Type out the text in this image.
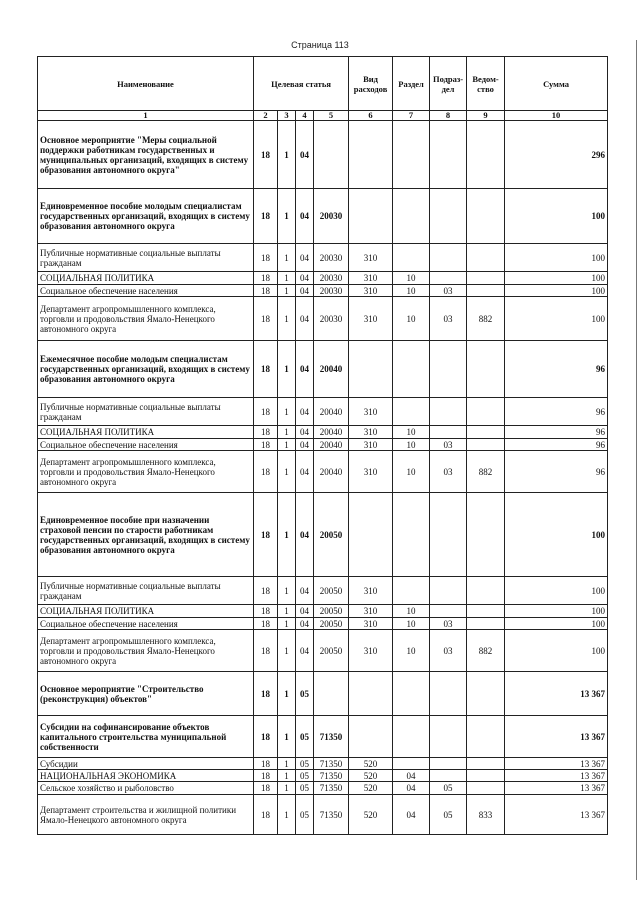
Страница 113
Наименование	Целевая статья				Вид расходов	Раздел	Подраз-дел	Ведом-ство	Сумма
1	2	3	4	5	6	7	8	9	10
Основное мероприятие "Меры социальной поддержки работникам государственных и муниципальных организаций, входящих в систему образования автономного округа"	18	1	04						296
Единовременное пособие молодым специалистам государственных организаций, входящих в систему образования автономного округа	18	1	04	20030					100
Публичные нормативные социальные выплаты гражданам	18	1	04	20030	310				100
СОЦИАЛЬНАЯ ПОЛИТИКА	18	1	04	20030	310	10			100
Социальное обеспечение населения	18	1	04	20030	310	10	03		100
Департамент агропромышленного комплекса, торговли и продовольствия Ямало-Ненецкого автономного округа	18	1	04	20030	310	10	03	882	100
Ежемесячное пособие молодым специалистам государственных организаций, входящих в систему образования автономного округа	18	1	04	20040					96
Публичные нормативные социальные выплаты гражданам	18	1	04	20040	310				96
СОЦИАЛЬНАЯ ПОЛИТИКА	18	1	04	20040	310	10			96
Социальное обеспечение населения	18	1	04	20040	310	10	03		96
Департамент агропромышленного комплекса, торговли и продовольствия Ямало-Ненецкого автономного округа	18	1	04	20040	310	10	03	882	96
Единовременное пособие при назначении страховой пенсии по старости работникам государственных организаций, входящих в систему образования автономного округа	18	1	04	20050					100
Публичные нормативные социальные выплаты гражданам	18	1	04	20050	310				100
СОЦИАЛЬНАЯ ПОЛИТИКА	18	1	04	20050	310	10			100
Социальное обеспечение населения	18	1	04	20050	310	10	03		100
Департамент агропромышленного комплекса, торговли и продовольствия Ямало-Ненецкого автономного округа	18	1	04	20050	310	10	03	882	100
Основное мероприятие "Строительство (реконструкция) объектов"	18	1	05						13 367
Субсидии на софинансирование объектов капитального строительства муниципальной собственности	18	1	05	71350					13 367
Субсидии	18	1	05	71350	520				13 367
НАЦИОНАЛЬНАЯ ЭКОНОМИКА	18	1	05	71350	520	04			13 367
Сельское хозяйство и рыболовство	18	1	05	71350	520	04	05		13 367
Департамент строительства и жилищной политики Ямало-Ненецкого автономного округа	18	1	05	71350	520	04	05	833	13 367
